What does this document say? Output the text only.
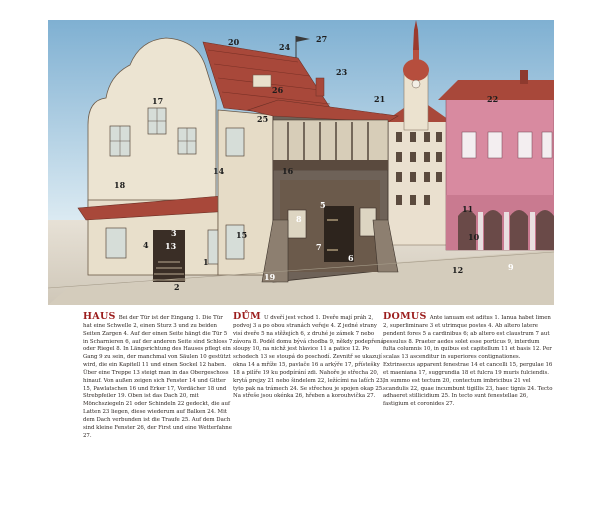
1
2
3
4
5
6
7
8
9
10
11
12
13
14
15
16
17
18
19
20
21	22
23
24
25
26
27
HAUS Bei der Tür ist der Eingang 1. Die Tür hat eine Schwelle 2, einen Sturz 3 und zu beiden Seiten Zargen 4. Auf der einen Seite hängt die Tür 5 in Scharnieren 6, auf der anderen Seite sind Schloss 7 oder Riegel 8. In Längsrichtung des Hauses pflegt ein Gang 9 zu sein, der manchmal von Säulen 10 gestützt wird, die ein Kapitell 11 und einen Sockel 12 haben. Über eine Treppe 13 steigt man in das Obergeschoss hinauf. Von außen zeigen sich Fenster 14 und Gitter 15, Pawlatschen 16 und Erker 17, Vordächer 18 und Strebpfeiler 19. Oben ist das Dach 20, mit Mönchsziegeln 21 oder Schindeln 22 gedeckt, die auf Latten 23 liegen, diese wiederum auf Balken 24. Mit dem Dach verbunden ist die Traufe 25. Auf dem Dach sind kleine Fenster 26, der First und eine Wetterfahne 27.
DŮM U dveří jest vchod 1. Dveře mají práh 2, podvoj 3 a po obou stranách veřeje 4. Z jedné strany visí dveře 5 na stěžejích 6, z druhé je zámek 7 nebo závora 8. Podél domu bývá chodba 9, někdy podepřená sloupy 10, na nichž jest hlavice 11 a patice 12. Po schodech 13 se stoupá do poschodí. Zevnitř se ukazují okna 14 a mříže 15, pavlače 16 a arkýře 17, přístešky 18 a pilíře 19 ku podpírání zdi. Nahoře je střecha 20, krytá prejzy 21 nebo šindelem 22, ležícími na laťích 23, tyto pak na trámech 24. Se střechou je spojen okap 25. Na střeše jsou okénka 26, hřeben a korouhvička 27.
DOMUS Ante ianuam est aditus 1. Ianua habet limen 2, superliminare 3 et utrimque postes 4. Ab altero latere pendent fores 5 a cardinibus 6; ab altero est claustrum 7 aut pessulus 8. Praeter aedes solet esse porticus 9, interdum fulta columnis 10, in quibus est capitellum 11 et basis 12. Per scalas 13 ascenditur in superiores contignationes. Extrinsecus apparent fenestrae 14 et cancelli 15, pergulae 16 et maeniana 17, suggrundia 18 et fulcra 19 muris fulciendis. In summo est tectum 20, contectum imbricibus 21 vel scandulis 22, quae incumbunt tigillis 23, haec tignis 24. Tecto adhaeret stillicidium 25. In tecto sunt fenestellae 26, fastigium et coronides 27.
